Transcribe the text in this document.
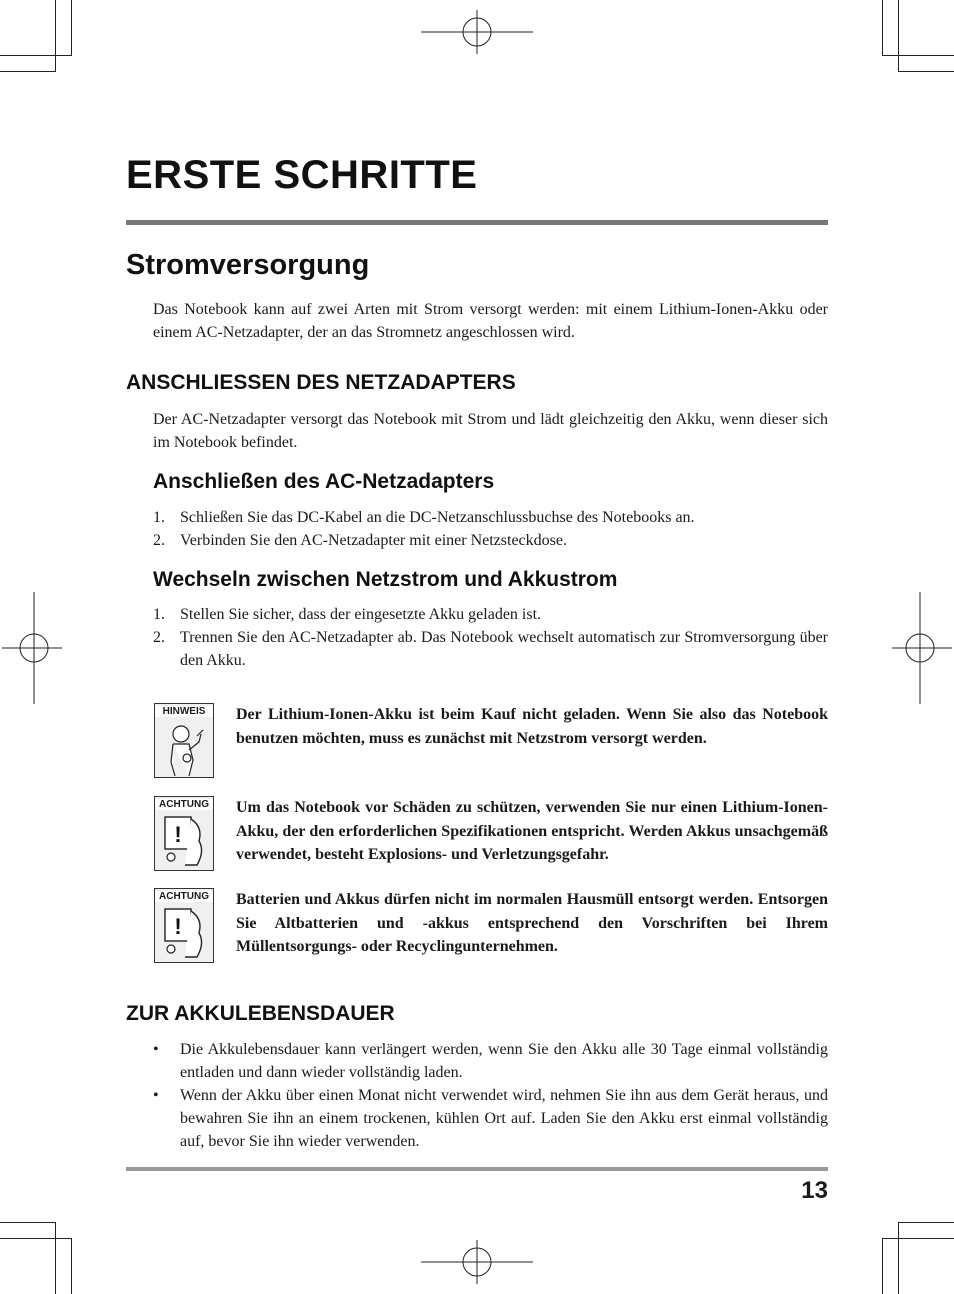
ERSTE SCHRITTE
Stromversorgung

Das Notebook kann auf zwei Arten mit Strom versorgt werden: mit einem Lithium-Ionen-Akku oder einem AC-Netzadapter, der an das Stromnetz angeschlossen wird.

ANSCHLIESSEN DES NETZADAPTERS

Der AC-Netzadapter versorgt das Notebook mit Strom und lädt gleichzeitig den Akku, wenn dieser sich im Notebook befindet.

Anschließen des AC-Netzadapters
1. Schließen Sie das DC-Kabel an die DC-Netzanschlussbuchse des Notebooks an.
2. Verbinden Sie den AC-Netzadapter mit einer Netzsteckdose.
Wechseln zwischen Netzstrom und Akkustrom
1. Stellen Sie sicher, dass der eingesetzte Akku geladen ist.
2. Trennen Sie den AC-Netzadapter ab. Das Notebook wechselt automatisch zur Stromversorgung über den Akku.
HINWEIS	Der Lithium-Ionen-Akku ist beim Kauf nicht geladen. Wenn Sie also das Notebook benutzen möchten, muss es zunächst mit Netzstrom versorgt werden.

ACHTUNG
!

Um das Notebook vor Schäden zu schützen, verwenden Sie nur einen Lithium-Ionen-Akku, der den erforderlichen Spezifikationen entspricht. Werden Akkus unsachgemäß verwendet, besteht Explosions- und Verletzungsgefahr.

ACHTUNG
!

Batterien und Akkus dürfen nicht im normalen Hausmüll entsorgt werden. Entsorgen Sie Altbatterien und -akkus entsprechend den Vorschriften bei Ihrem Müllentsorgungs- oder Recyclingunternehmen.

ZUR AKKULEBENSDAUER
• Die Akkulebensdauer kann verlängert werden, wenn Sie den Akku alle 30 Tage einmal vollständig entladen und dann wieder vollständig laden.
• Wenn der Akku über einen Monat nicht verwendet wird, nehmen Sie ihn aus dem Gerät heraus, und bewahren Sie ihn an einem trockenen, kühlen Ort auf. Laden Sie den Akku erst einmal vollständig auf, bevor Sie ihn wieder verwenden.

13
